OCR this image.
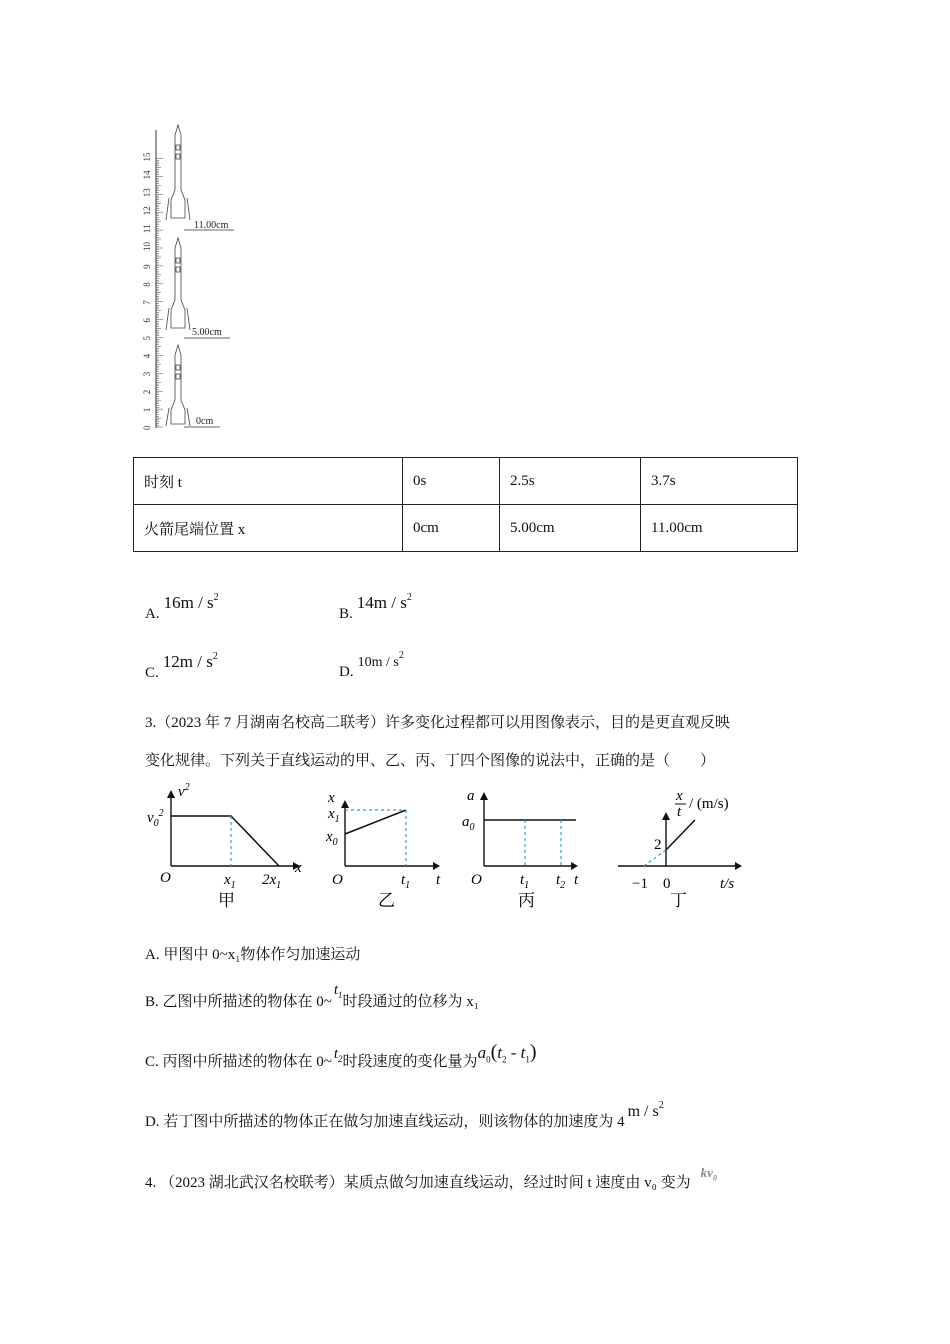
0
1
2
3
4
5
6
7
8
9
10
11
12
13
14
15
11.00cm
5.00cm
0cm
时刻 t	0s	2.5s	3.7s
火箭尾端位置 x	0cm	5.00cm	11.00cm
$A.16m / s^2$
$B.14m / s^2$
$C.12m / s^2$
$D.10m / s^2$
3.（2023 年 7 月湖南名校高二联考）许多变化过程都可以用图像表示，目的是更直观反映
变化规律。下列关于直线运动的甲、乙、丙、丁四个图像的说法中，正确的是（　　）
$v^2$
$v_0^2$
x
O	$x_1$ $2x_1$
甲
x
$x_1$
$x_0$
t
O	$t_1$
乙
a
$a_0$
t
O	$t_1$ $t_2$
丙
x
t / (m/s)
2
−1 0	t/s
丁
A. 甲图中 0~x₁物体作匀加速运动
B. 乙图中所描述的物体在 $0\sim t_1$时段通过的位移为 x₁
C. 丙图中所描述的物体在 0~ $t_2$时段速度的变化量为$a_0(t_2 - t_1)$
D. 若丁图中所描述的物体正在做匀加速直线运动，则该物体的加速度为 $4m / s^2$
4. （2023 湖北武汉名校联考）某质点做匀加速直线运动，经过时间 t 速度由 v₀ 变为$kv_0$
